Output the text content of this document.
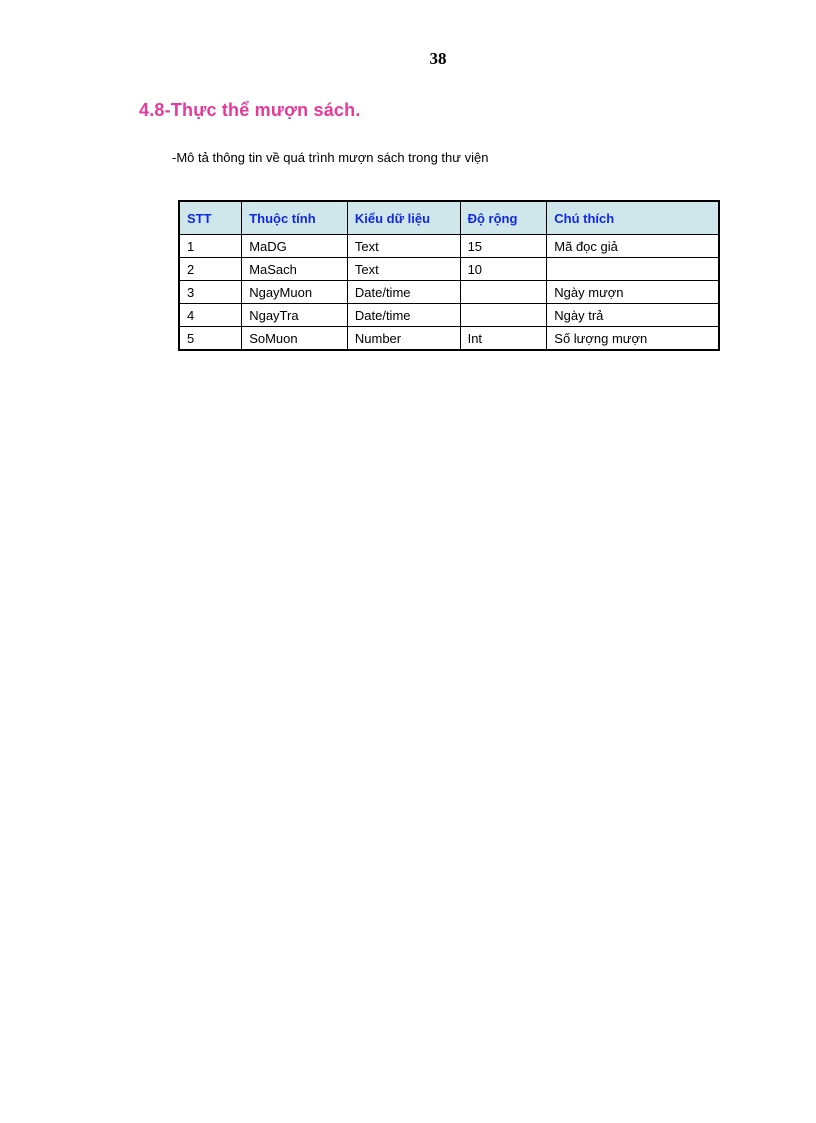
38
4.8-Thực thể mượn sách.
-Mô tả thông tin về quá trình mượn sách trong thư viện
STT	Thuộc tính	Kiểu dữ liệu	Độ rộng	Chú thích
1	MaDG	Text	15	Mã đọc giả
2	MaSach	Text	10	
3	NgayMuon	Date/time		Ngày mượn
4	NgayTra	Date/time		Ngày trả
5	SoMuon	Number	Int	Số lượng mượn
